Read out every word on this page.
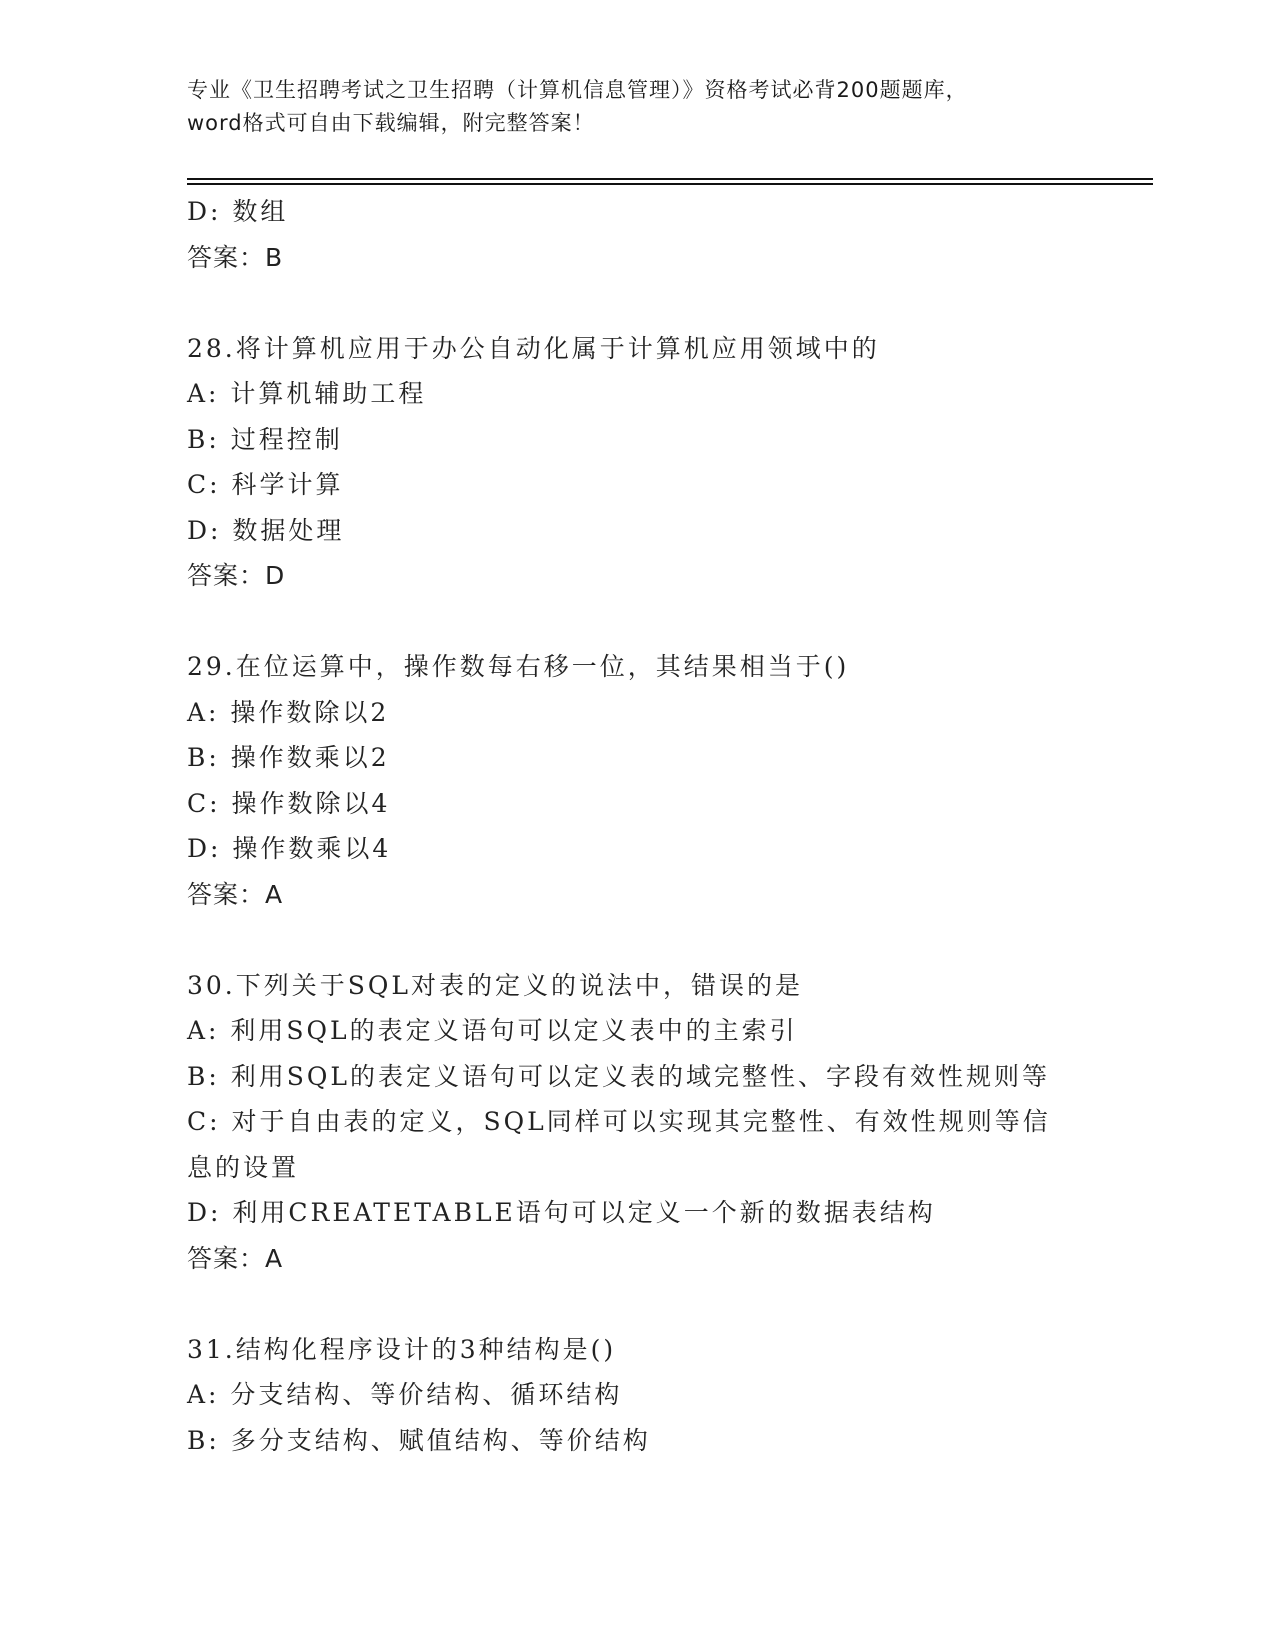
专业《卫生招聘考试之卫生招聘（计算机信息管理）》资格考试必背200题题库，
word格式可自由下载编辑，附完整答案！
D: 数组
答案：B
28.将计算机应用于办公自动化属于计算机应用领域中的
A: 计算机辅助工程
B: 过程控制
C: 科学计算
D: 数据处理
答案：D
29.在位运算中，操作数每右移一位，其结果相当于()
A: 操作数除以2
B: 操作数乘以2
C: 操作数除以4
D: 操作数乘以4
答案：A
30.下列关于SQL对表的定义的说法中，错误的是
A: 利用SQL的表定义语句可以定义表中的主索引
B: 利用SQL的表定义语句可以定义表的域完整性、字段有效性规则等
C: 对于自由表的定义，SQL同样可以实现其完整性、有效性规则等信
息的设置
D: 利用CREATETABLE语句可以定义一个新的数据表结构
答案：A
31.结构化程序设计的3种结构是()
A: 分支结构、等价结构、循环结构
B: 多分支结构、赋值结构、等价结构
